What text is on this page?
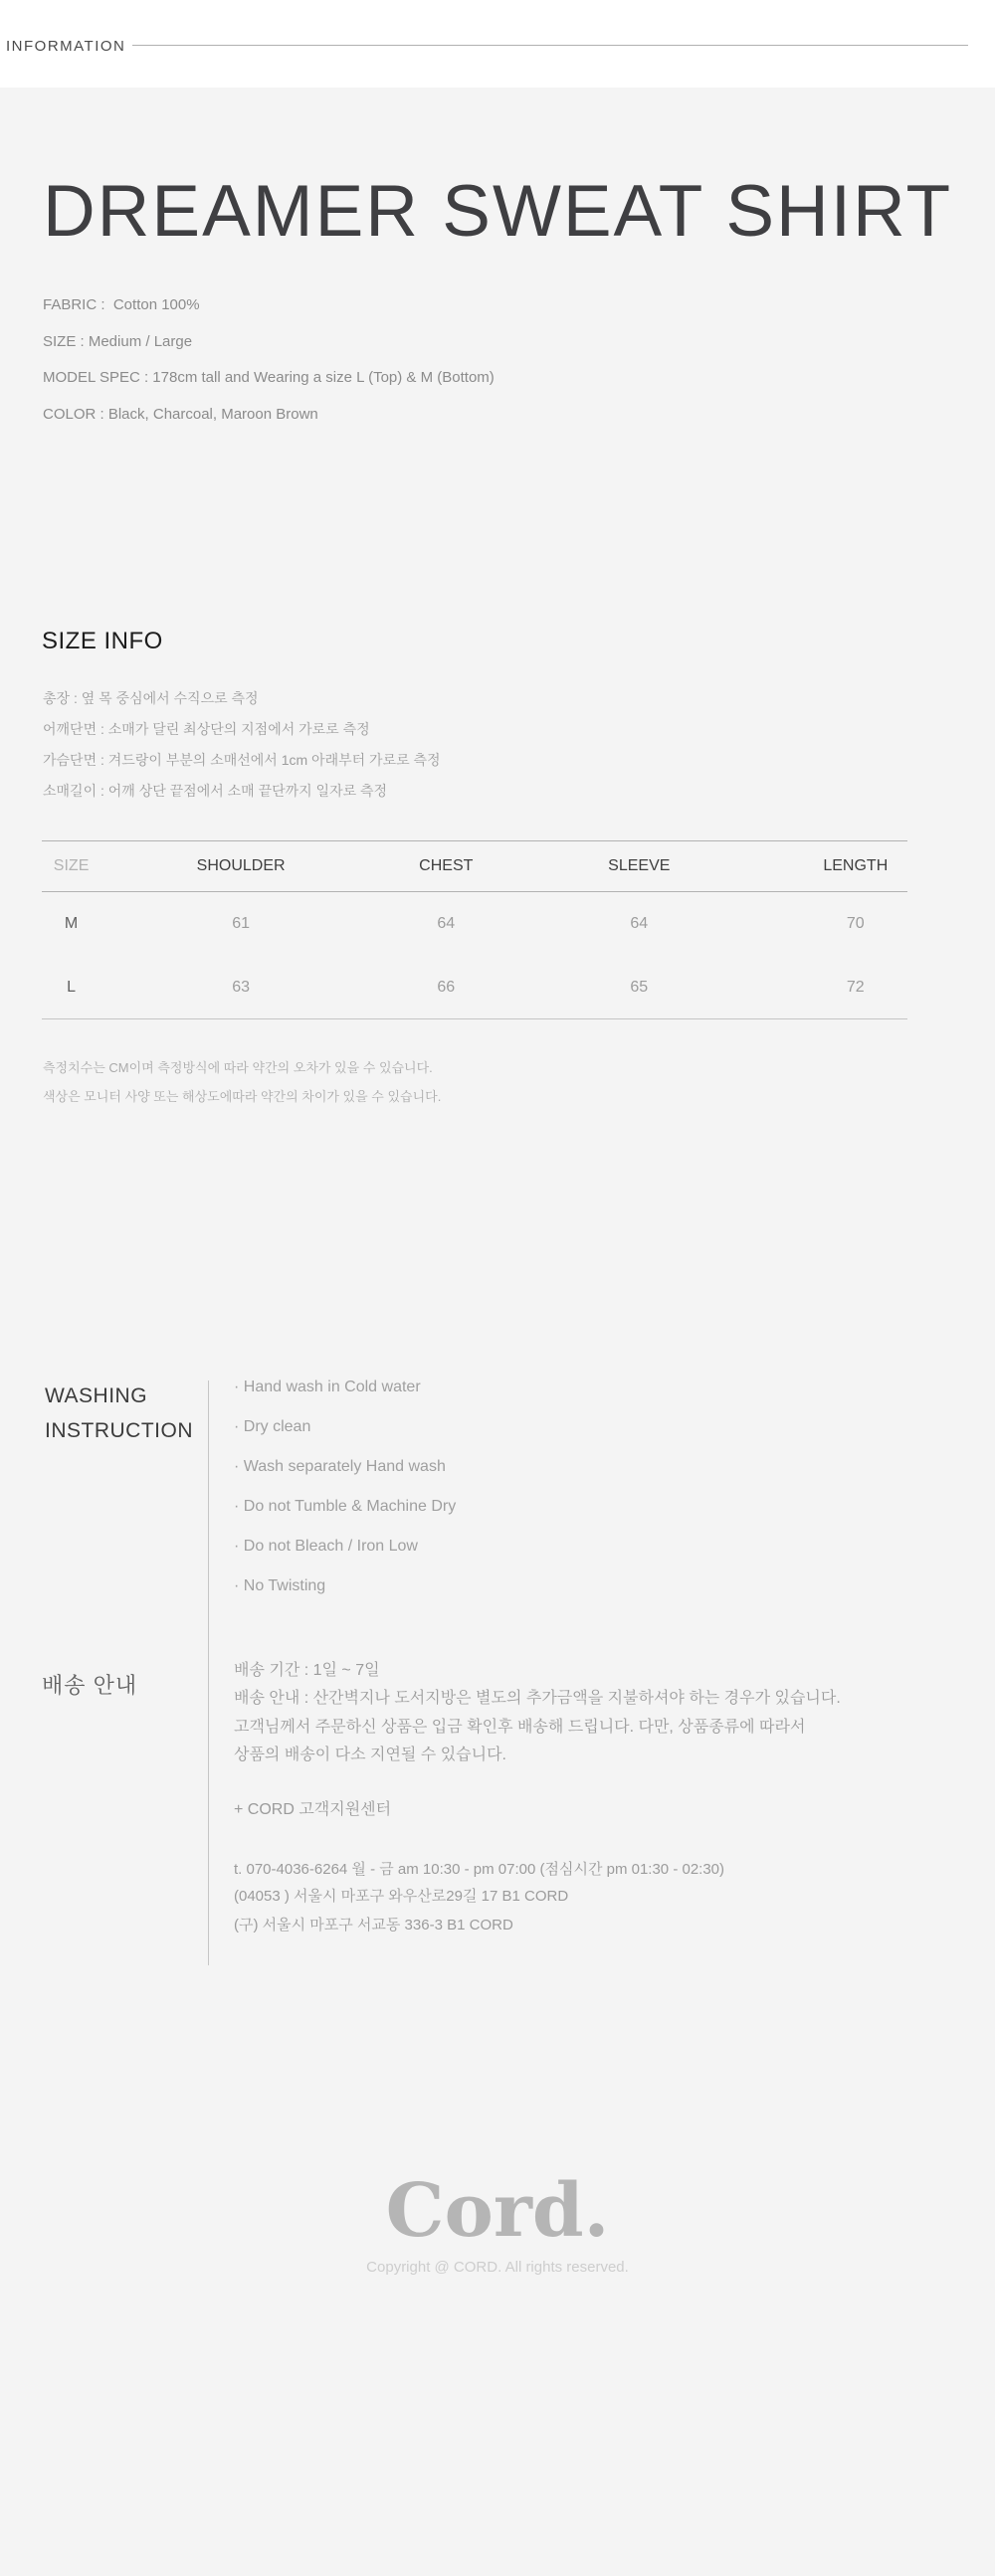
INFORMATION
DREAMER SWEAT SHIRT
FABRIC :  Cotton 100%
SIZE : Medium / Large
MODEL SPEC : 178cm tall and Wearing a size L (Top) & M (Bottom)
COLOR : Black, Charcoal, Maroon Brown
SIZE INFO
총장 : 옆 목 중심에서 수직으로 측정
어깨단면 : 소매가 달린 최상단의 지점에서 가로로 측정
가슴단면 : 겨드랑이 부분의 소매선에서 1cm 아래부터 가로로 측정
소매길이 : 어깨 상단 끝점에서 소매 끝단까지 일자로 측정
SIZE	SHOULDER	CHEST	SLEEVE	LENGTH
M	61	64	64	70
L	63	66	65	72
측정치수는 CM이며 측정방식에 따라 약간의 오차가 있을 수 있습니다.
색상은 모니터 사양 또는 해상도에따라 약간의 차이가 있을 수 있습니다.
WASHING
INSTRUCTION
· Hand wash in Cold water
· Dry clean
· Wash separately Hand wash
· Do not Tumble & Machine Dry
· Do not Bleach / Iron Low
· No Twisting
배송 안내
배송 기간 : 1일 ~ 7일
배송 안내 : 산간벽지나 도서지방은 별도의 추가금액을 지불하셔야 하는 경우가 있습니다.
고객님께서 주문하신 상품은 입금 확인후 배송해 드립니다. 다만, 상품종류에 따라서
상품의 배송이 다소 지연될 수 있습니다.
+ CORD 고객지원센터
t. 070-4036-6264 월 - 금 am 10:30 - pm 07:00 (점심시간 pm 01:30 - 02:30)
(04053 ) 서울시 마포구 와우산로29길 17 B1 CORD
(구) 서울시 마포구 서교동 336-3 B1 CORD
Cord.
Copyright @ CORD. All rights reserved.
